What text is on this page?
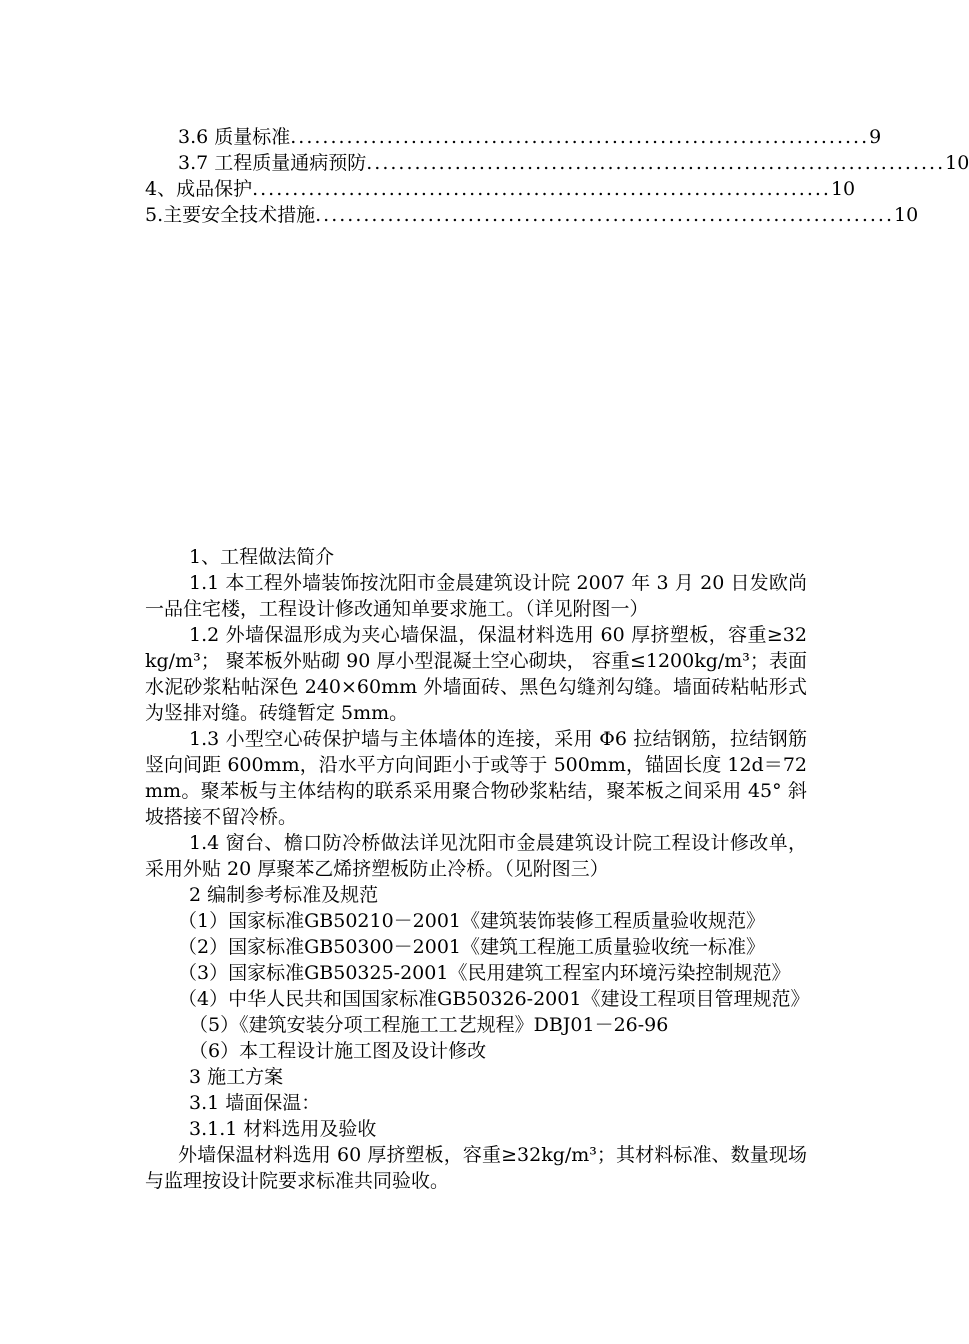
3.6 质量标准 ........................................................................ 9
3.7 工程质量通病预防 ........................................................................ 10
4、成品保护 ........................................................................ 10
5.主要安全技术措施 ........................................................................ 10

1、工程做法简介

1.1 本工程外墙装饰按沈阳市金晨建筑设计院 2007 年 3 月 20 日发欧尚一品住宅楼，工程设计修改通知单要求施工。（详见附图一）

1.2 外墙保温形成为夹心墙保温，保温材料选用 60 厚挤塑板，容重≥32kg/m³； 聚苯板外贴砌 90 厚小型混凝土空心砌块， 容重≤1200kg/m³；表面水泥砂浆粘帖深色 240×60mm 外墙面砖、黑色勾缝剂勾缝。墙面砖粘帖形式为竖排对缝。砖缝暂定 5mm。

1.3 小型空心砖保护墙与主体墙体的连接，采用 Φ6 拉结钢筋，拉结钢筋竖向间距 600mm，沿水平方向间距小于或等于 500mm，锚固长度 12d＝72mm。聚苯板与主体结构的联系采用聚合物砂浆粘结，聚苯板之间采用 45° 斜坡搭接不留冷桥。

1.4 窗台、檐口防冷桥做法详见沈阳市金晨建筑设计院工程设计修改单，采用外贴 20 厚聚苯乙烯挤塑板防止冷桥。（见附图三）

2 编制参考标准及规范

（1）国家标准GB50210－2001《建筑装饰装修工程质量验收规范》

（2）国家标准GB50300－2001《建筑工程施工质量验收统一标准》

（3）国家标准GB50325-2001《民用建筑工程室内环境污染控制规范》

（4）中华人民共和国国家标准GB50326-2001《建设工程项目管理规范》

（5）《建筑安装分项工程施工工艺规程》DBJ01－26-96

（6）本工程设计施工图及设计修改

3 施工方案

3.1 墙面保温：

3.1.1 材料选用及验收

外墙保温材料选用 60 厚挤塑板，容重≥32kg/m³；其材料标准、数量现场与监理按设计院要求标准共同验收。
